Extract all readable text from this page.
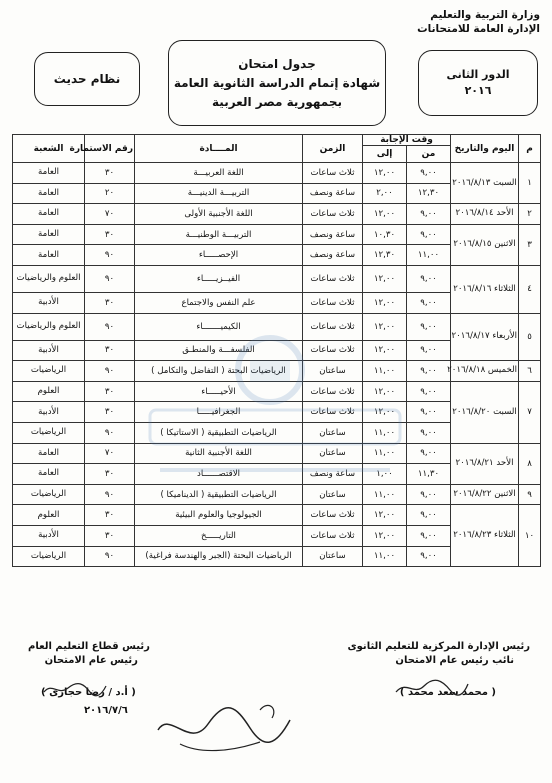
وزارة التربية والتعليم
الإدارة العامة للامتحانات
الدور الثانى
٢٠١٦
جدول امتحان
شهادة إتمام الدراسة الثانوية العامة
بجمهورية مصر العربية
نظام حديث
م	اليوم والتاريخ	وقت الإجابة		الزمن	المــــادة	رقم الاستمارة	الشعبة
		من	إلى				
١	السبت ٢٠١٦/٨/١٣	٩,٠٠	١٢,٠٠	ثلاث ساعات	اللغة العربيـــة	٣٠	العامة
		١٢,٣٠	٢,٠٠	ساعة ونصف	التربيـــة الدينيـــة	٢٠	العامة
٢	الأحد ٢٠١٦/٨/١٤	٩,٠٠	١٢,٠٠	ثلاث ساعات	اللغة الأجنبية الأولى	٧٠	العامة
٣	الاثنين ٢٠١٦/٨/١٥	٩,٠٠	١٠,٣٠	ساعة ونصف	التربيـــة الوطنيـــة	٣٠	العامة
		١١,٠٠	١٢,٣٠	ساعة ونصف	الإحصـــــاء	٩٠	العامة
٤	الثلاثاء ٢٠١٦/٨/١٦	٩,٠٠	١٢,٠٠	ثلاث ساعات	الفيــزيـــــاء	٩٠	العلوم والرياضيات
		٩,٠٠	١٢,٠٠	ثلاث ساعات	علم النفس والاجتماع	٣٠	الأدبية
٥	الأربعاء ٢٠١٦/٨/١٧	٩,٠٠	١٢,٠٠	ثلاث ساعات	الكيميـــــــاء	٩٠	العلوم والرياضيات
		٩,٠٠	١٢,٠٠	ثلاث ساعات	الفلسفـــة والمنطـق	٣٠	الأدبية
٦	الخميس ٢٠١٦/٨/١٨	٩,٠٠	١١,٠٠	ساعتان	الرياضيات البحتة ( التفاضل والتكامل )	٩٠	الرياضيات
٧	السبت ٢٠١٦/٨/٢٠	٩,٠٠	١٢,٠٠	ثلاث ساعات	الأحيـــــاء	٣٠	العلوم
		٩,٠٠	١٢,٠٠	ثلاث ساعات	الجغرافيـــــا	٣٠	الأدبية
		٩,٠٠	١١,٠٠	ساعتان	الرياضيات التطبيقية ( الاستاتيكا )	٩٠	الرياضيات
٨	الأحد ٢٠١٦/٨/٢١	٩,٠٠	١١,٠٠	ساعتان	اللغة الأجنبية الثانية	٧٠	العامة
		١١,٣٠	١,٠٠	ساعة ونصف	الاقتصــــــاد	٣٠	العامة
٩	الاثنين ٢٠١٦/٨/٢٢	٩,٠٠	١١,٠٠	ساعتان	الرياضيات التطبيقية ( الديناميكا )	٩٠	الرياضيات
١٠	الثلاثاء ٢٠١٦/٨/٢٣	٩,٠٠	١٢,٠٠	ثلاث ساعات	الجيولوجيا والعلوم البيئية	٣٠	العلوم
		٩,٠٠	١٢,٠٠	ثلاث ساعات	التاريـــــخ	٣٠	الأدبية
		٩,٠٠	١١,٠٠	ساعتان	الرياضيات البحتة (الجبر والهندسة فراغية)	٩٠	الرياضيات
رئيس الإدارة المركزية للتعليم الثانوى
نائب رئيس عام الامتحان
( محمد سعد محمد )
رئيس قطاع التعليم العام
رئيس عام الامتحان
( أ.د / رضا حجازى )
٢٠١٦/٧/٦
